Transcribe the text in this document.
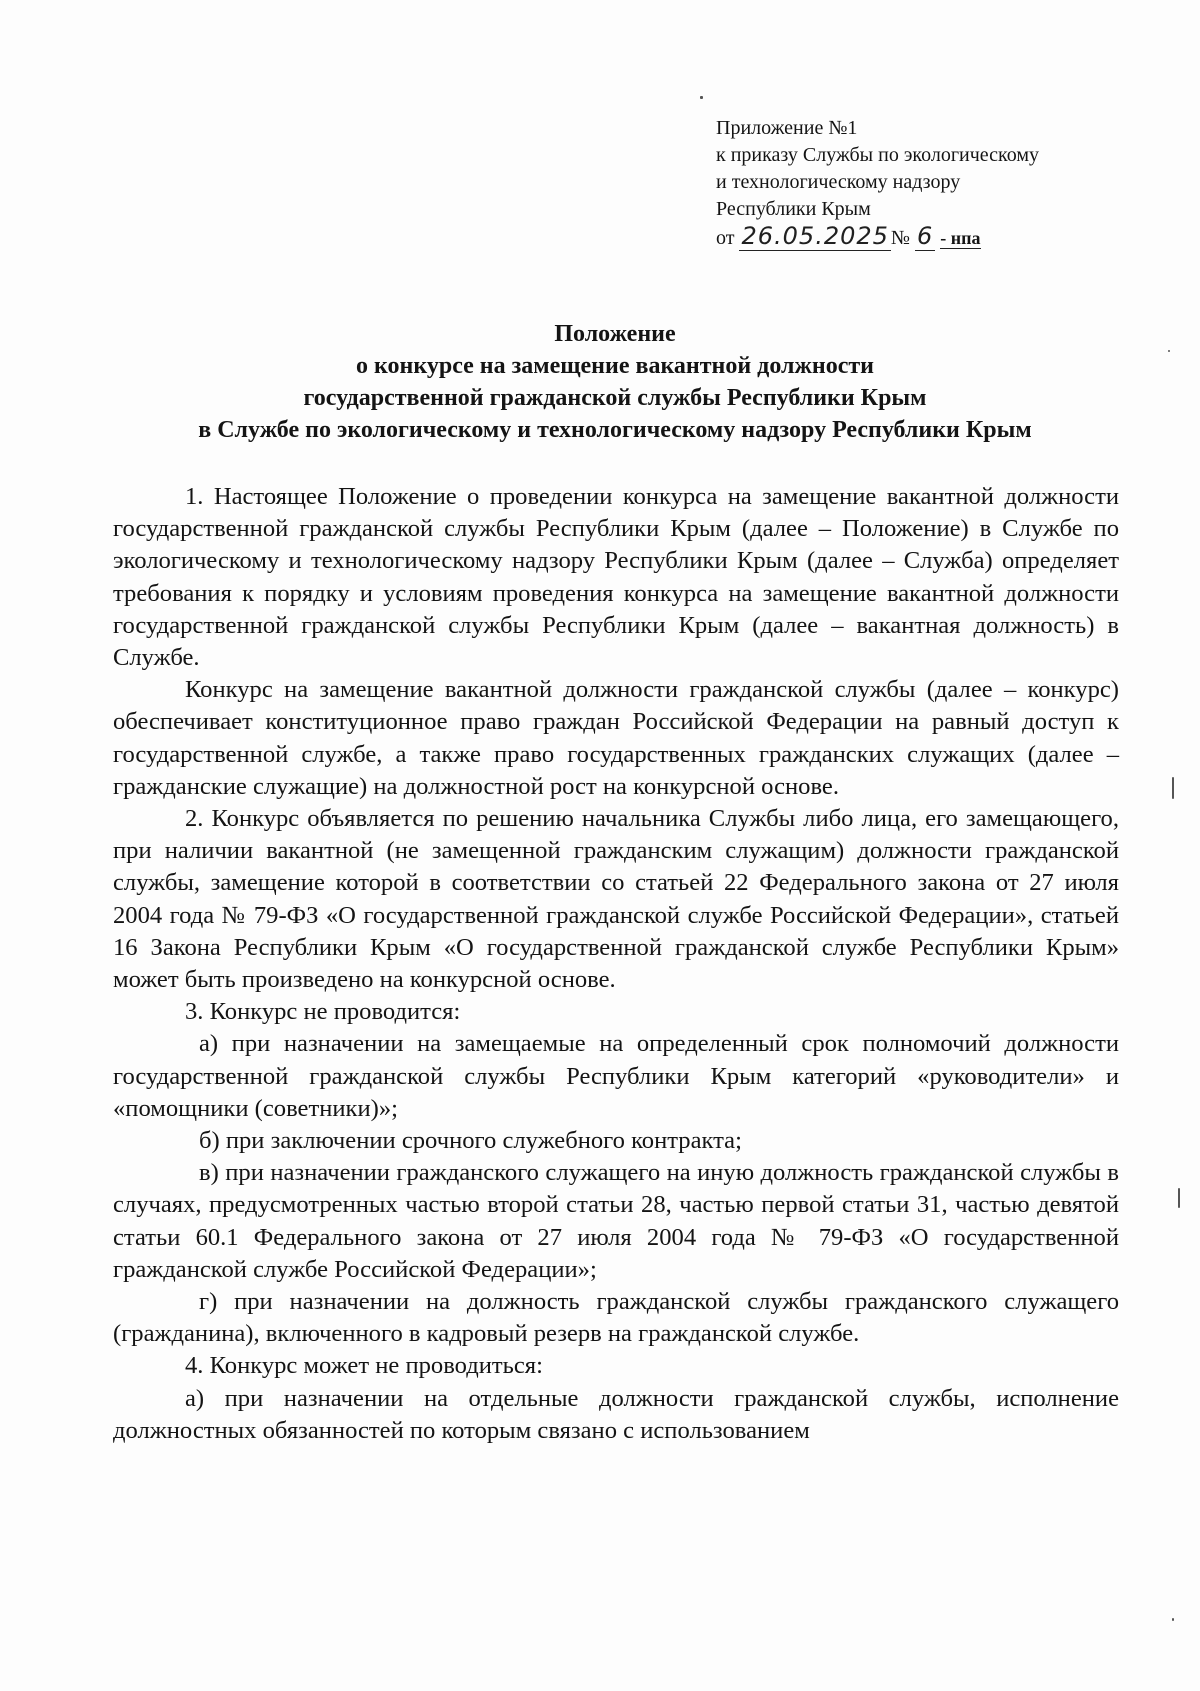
Приложение №1
к приказу Службы по экологическому
и технологическому надзору
Республики Крым
от 26.05.2025 № 6 - нпа
Положение
о конкурсе на замещение вакантной должности
государственной гражданской службы Республики Крым
в Службе по экологическому и технологическому надзору Республики Крым

1. Настоящее Положение о проведении конкурса на замещение вакантной должности государственной гражданской службы Республики Крым (далее – Положение) в Службе по экологическому и технологическому надзору Республики Крым (далее – Служба) определяет требования к порядку и условиям проведения конкурса на замещение вакантной должности государственной гражданской службы Республики Крым (далее – вакантная должность) в Службе.

Конкурс на замещение вакантной должности гражданской службы (далее – конкурс) обеспечивает конституционное право граждан Российской Федерации на равный доступ к государственной службе, а также право государственных гражданских служащих (далее – гражданские служащие) на должностной рост на конкурсной основе.

2. Конкурс объявляется по решению начальника Службы либо лица, его замещающего, при наличии вакантной (не замещенной гражданским служащим) должности гражданской службы, замещение которой в соответствии со статьей 22 Федерального закона от 27 июля 2004 года № 79-ФЗ «О государственной гражданской службе Российской Федерации», статьей 16 Закона Республики Крым «О государственной гражданской службе Республики Крым» может быть произведено на конкурсной основе.

3. Конкурс не проводится:

а) при назначении на замещаемые на определенный срок полномочий должности государственной гражданской службы Республики Крым категорий «руководители» и «помощники (советники)»;

б) при заключении срочного служебного контракта;

в) при назначении гражданского служащего на иную должность гражданской службы в случаях, предусмотренных частью второй статьи 28, частью первой статьи 31, частью девятой статьи 60.1 Федерального закона от 27 июля 2004 года № 79-ФЗ «О государственной гражданской службе Российской Федерации»;

г) при назначении на должность гражданской службы гражданского служащего (гражданина), включенного в кадровый резерв на гражданской службе.

4. Конкурс может не проводиться:

а) при назначении на отдельные должности гражданской службы, исполнение должностных обязанностей по которым связано с использованием
